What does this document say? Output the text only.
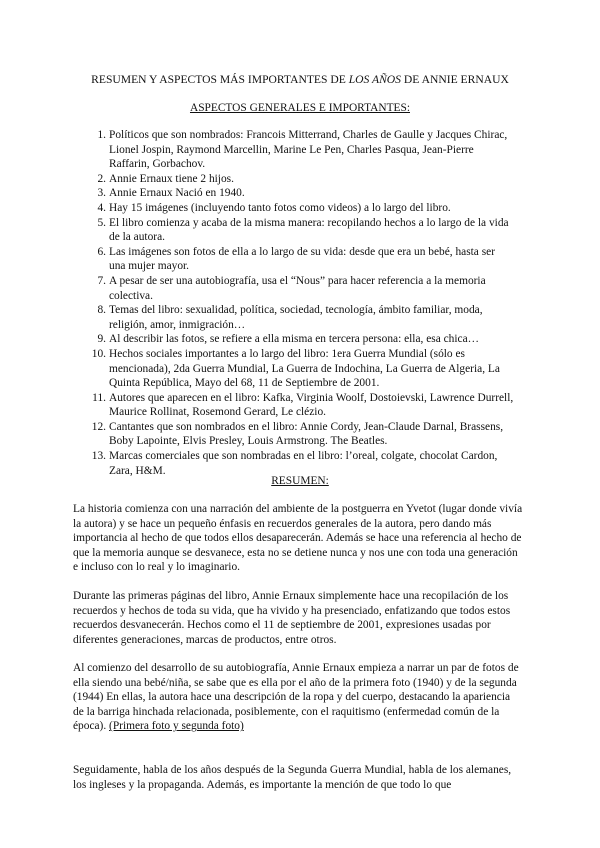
RESUMEN Y ASPECTOS MÁS IMPORTANTES DE LOS AÑOS DE ANNIE ERNAUX
ASPECTOS GENERALES E IMPORTANTES:
1. Políticos que son nombrados: Francois Mitterrand, Charles de Gaulle y Jacques Chirac, Lionel Jospin, Raymond Marcellin, Marine Le Pen, Charles Pasqua, Jean-Pierre Raffarin, Gorbachov.
2. Annie Ernaux tiene 2 hijos.
3. Annie Ernaux Nació en 1940.
4. Hay 15 imágenes (incluyendo tanto fotos como videos) a lo largo del libro.
5. El libro comienza y acaba de la misma manera: recopilando hechos a lo largo de la vida de la autora.
6. Las imágenes son fotos de ella a lo largo de su vida: desde que era un bebé, hasta ser una mujer mayor.
7. A pesar de ser una autobiografía, usa el “Nous” para hacer referencia a la memoria colectiva.
8. Temas del libro: sexualidad, política, sociedad, tecnología, ámbito familiar, moda, religión, amor, inmigración…
9. Al describir las fotos, se refiere a ella misma en tercera persona: ella, esa chica…
10. Hechos sociales importantes a lo largo del libro: 1era Guerra Mundial (sólo es mencionada), 2da Guerra Mundial, La Guerra de Indochina, La Guerra de Algeria, La Quinta República, Mayo del 68, 11 de Septiembre de 2001.
11. Autores que aparecen en el libro: Kafka, Virginia Woolf, Dostoievski, Lawrence Durrell, Maurice Rollinat, Rosemond Gerard, Le clézio.
12. Cantantes que son nombrados en el libro: Annie Cordy, Jean-Claude Darnal, Brassens, Boby Lapointe, Elvis Presley, Louis Armstrong. The Beatles.
13. Marcas comerciales que son nombradas en el libro: l’oreal, colgate, chocolat Cardon, Zara, H&M.
RESUMEN:

La historia comienza con una narración del ambiente de la postguerra en Yvetot (lugar donde vivía la autora) y se hace un pequeño énfasis en recuerdos generales de la autora, pero dando más importancia al hecho de que todos ellos desaparecerán. Además se hace una referencia al hecho de que la memoria aunque se desvanece, esta no se detiene nunca y nos une con toda una generación e incluso con lo real y lo imaginario.

Durante las primeras páginas del libro, Annie Ernaux simplemente hace una recopilación de los recuerdos y hechos de toda su vida, que ha vivido y ha presenciado, enfatizando que todos estos recuerdos desvanecerán. Hechos como el 11 de septiembre de 2001, expresiones usadas por diferentes generaciones, marcas de productos, entre otros.

Al comienzo del desarrollo de su autobiografía, Annie Ernaux empieza a narrar un par de fotos de ella siendo una bebé/niña, se sabe que es ella por el año de la primera foto (1940) y de la segunda (1944) En ellas, la autora hace una descripción de la ropa y del cuerpo, destacando la apariencia de la barriga hinchada relacionada, posiblemente, con el raquitismo (enfermedad común de la época). (Primera foto y segunda foto)

Seguidamente, habla de los años después de la Segunda Guerra Mundial, habla de los alemanes, los ingleses y la propaganda. Además, es importante la mención de que todo lo que
